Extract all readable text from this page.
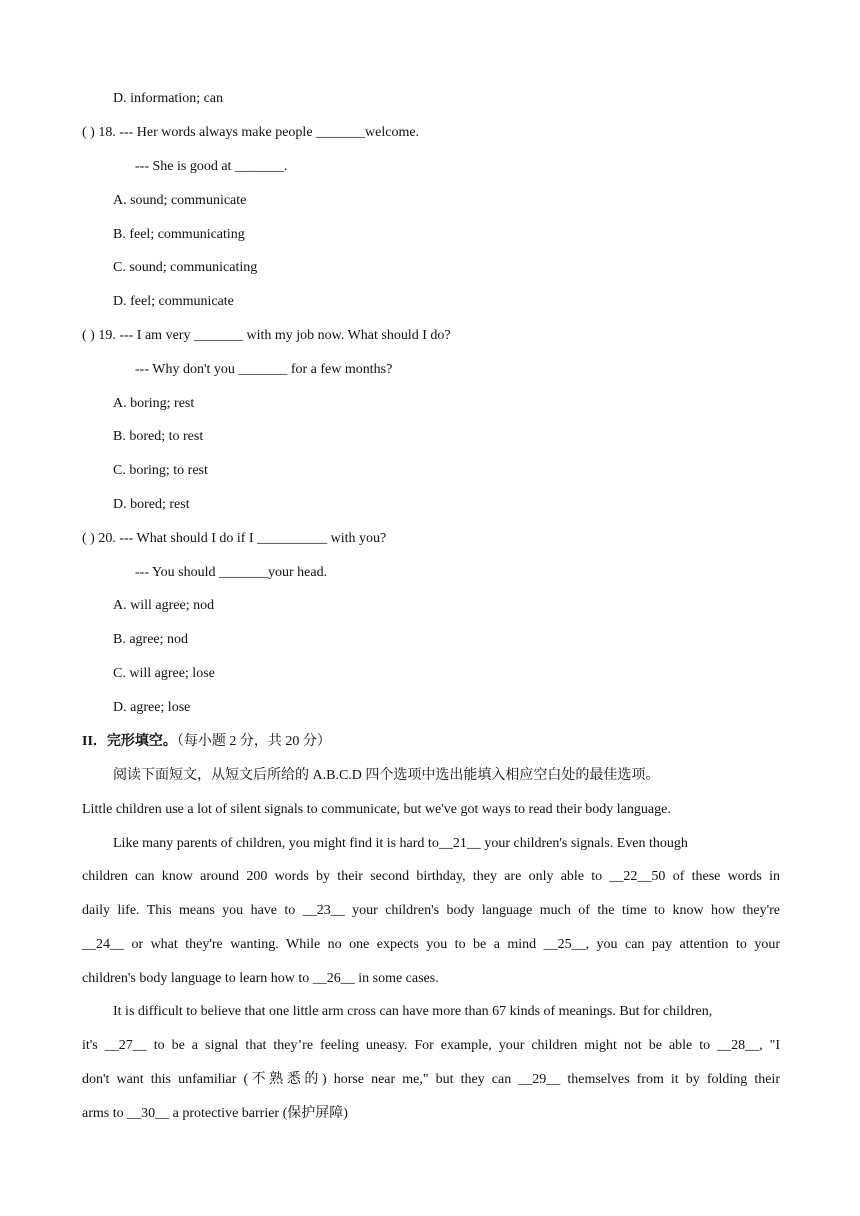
D. information; can
( ) 18. --- Her words always make people _______welcome.
--- She is good at _______.
A. sound; communicate
B. feel; communicating
C. sound; communicating
D. feel; communicate
( ) 19. --- I am very _______ with my job now. What should I do?
--- Why don't you _______ for a few months?
A. boring; rest
B. bored; to rest
C. boring; to rest
D. bored; rest
( ) 20. --- What should I do if I __________ with you?
--- You should _______your head.
A. will agree; nod
B. agree; nod
C. will agree; lose
D. agree; lose
II．完形填空。（每小题 2 分，共 20 分）
阅读下面短文，从短文后所给的 A.B.C.D 四个选项中选出能填入相应空白处的最佳选项。
Little children use a lot of silent signals to communicate, but we've got ways to read their body language.
Like many parents of children, you might find it is hard to__21__ your children's signals. Even though
children can know around 200 words by their second birthday, they are only able to __22__50 of these words in
daily life. This means you have to __23__ your children's body language much of the time to know how they're
__24__ or what they're wanting. While no one expects you to be a mind __25__, you can pay attention to your
children's body language to learn how to __26__ in some cases.
It is difficult to believe that one little arm cross can have more than 67 kinds of meanings. But for children,
it's __27__ to be a signal that they’re feeling uneasy. For example, your children might not be able to __28__, "I
don't want this unfamiliar (不熟悉的) horse near me," but they can __29__ themselves from it by folding their
arms to __30__ a protective barrier (保护屏障)
